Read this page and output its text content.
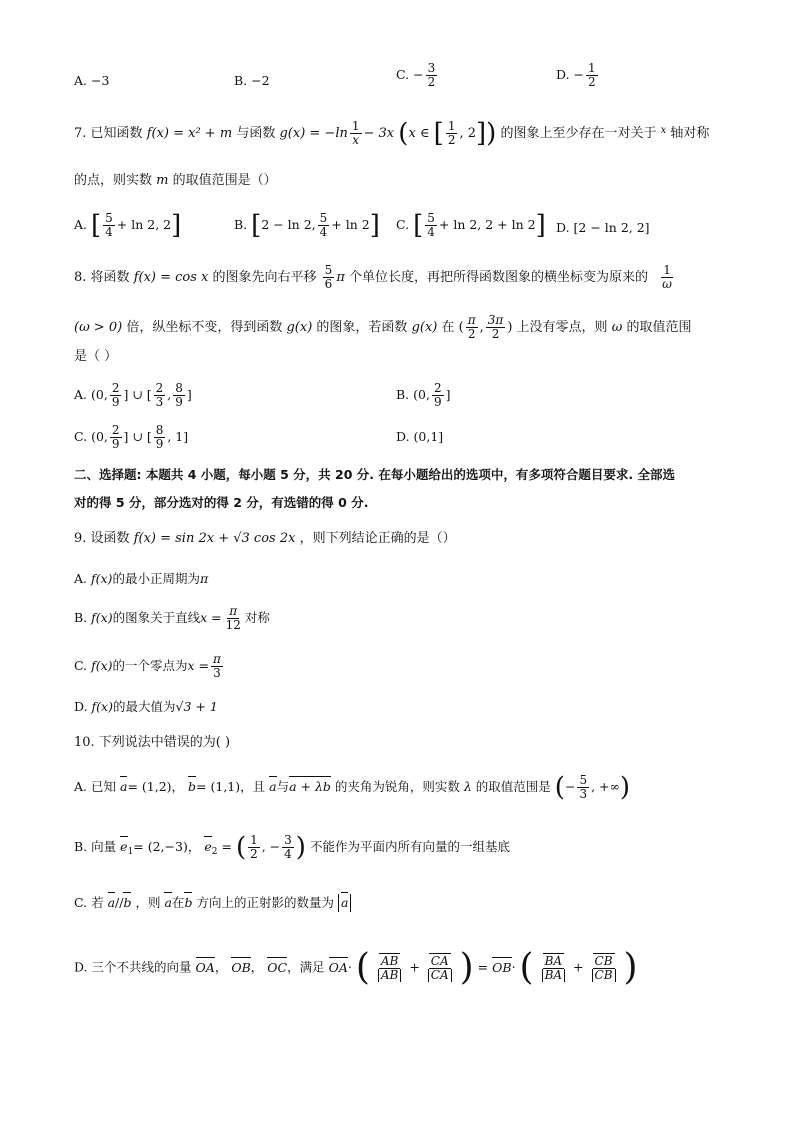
A. −3	B. −2	C. − $\frac{3}{2}$	D. − $\frac{1}{2}$
7. 已知函数 f(x) = x² + m 与函数 $g(x) = -\ln \frac{1}{x} - 3x$ (x ∈ [ $\frac{1}{2}$ , 2]) 的图象上至少存在一对关于 $^x$ 轴对称
的点，则实数 m 的取值范围是（）
A. [ $\frac{5}{4} + \ln 2$, 2]	B. [2 − ln 2, $\frac{5}{4} + \ln 2$] C. [ $\frac{5}{4} + \ln 2$, 2 + ln 2] D. [2 − ln 2, 2]
8. 将函数 f(x) = cos x 的图象先向右平移 $\frac{5}{6}$ π 个单位长度，再把所得函数图象的横坐标变为原来的 $\frac{1}{\omega}$
(ω > 0) 倍，纵坐标不变，得到函数 g(x) 的图象，若函数 g(x) 在 ( $\frac{\pi}{2}$ , $\frac{3\pi}{2}$ ) 上没有零点，则 ω 的取值范围
是（ ）
A. (0, $\frac{2}{9}$ ] ∪ [ $\frac{2}{3}$ , $\frac{8}{9}$ ]	B. (0, $\frac{2}{9}$ ]
C. (0, $\frac{2}{9}$ ] ∪ [ $\frac{8}{9}$ , 1]	D. (0,1]
二、选择题: 本题共 4 小题，每小题 5 分，共 20 分. 在每小题给出的选项中，有多项符合题目要求. 全部选
对的得 5 分，部分选对的得 2 分，有选错的得 0 分.
9. 设函数 f(x) = sin 2x + √3 cos 2x ，则下列结论正确的是（）
A. f(x)的最小正周期为π
B. f(x)的图象关于直线$x = \frac{\pi}{12}$ 对称
C. f(x)的一个零点为$x = \frac{\pi}{3}$
D. f(x)的最大值为√3 + 1
10. 下列说法中错误的为( )
A. 已知 a= (1,2)， b= (1,1)，且 a与a + λb 的夹角为锐角，则实数 λ 的取值范围是 (− $\frac{5}{3}$ , +∞)
B. 向量 $e_1= (2,-3)$， $e_2$ = ( $\frac{1}{2}$ , − $\frac{3}{4}$ ) 不能作为平面内所有向量的一组基底
C. 若 a//b ，则 a在b 方向上的正射影的数量为 a
D. 三个不共线的向量 OA， OB， OC，满足 OA· ( $\frac{AB}{AB} + \frac{CA}{CA}$ ) = OB· ( $\frac{BA}{BA} + \frac{CB}{CB}$ )
